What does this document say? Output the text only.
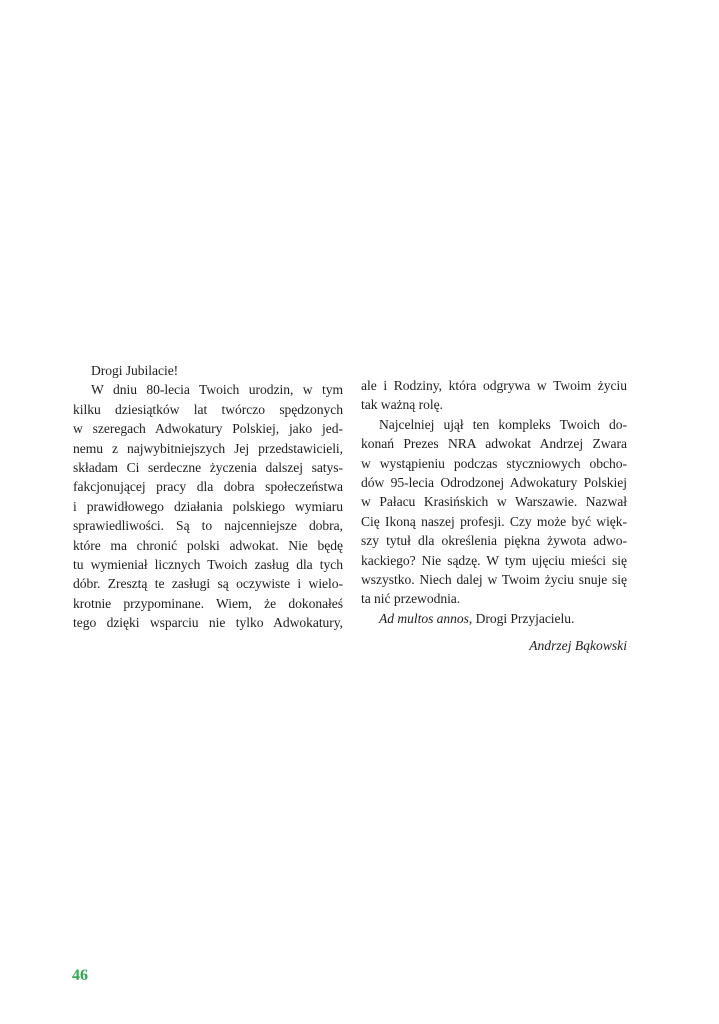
Drogi Jubilacie!
W dniu 80-lecia Twoich urodzin, w tym
kilku dziesiątków lat twórczo spędzonych
w szeregach Adwokatury Polskiej, jako jed-
nemu z najwybitniejszych Jej przedstawicieli,
składam Ci serdeczne życzenia dalszej satys-
fakcjonującej pracy dla dobra społeczeństwa
i prawidłowego działania polskiego wymiaru
sprawiedliwości. Są to najcenniejsze dobra,
które ma chronić polski adwokat. Nie będę
tu wymieniał licznych Twoich zasług dla tych
dóbr. Zresztą te zasługi są oczywiste i wielo-
krotnie przypominane. Wiem, że dokonałeś
tego dzięki wsparciu nie tylko Adwokatury,
ale i Rodziny, która odgrywa w Twoim życiu
tak ważną rolę.
Najcelniej ujął ten kompleks Twoich do-
konań Prezes NRA adwokat Andrzej Zwara
w wystąpieniu podczas styczniowych obcho-
dów 95-lecia Odrodzonej Adwokatury Polskiej
w Pałacu Krasińskich w Warszawie. Nazwał
Cię Ikoną naszej profesji. Czy może być więk-
szy tytuł dla określenia piękna żywota adwo-
kackiego? Nie sądzę. W tym ujęciu mieści się
wszystko. Niech dalej w Twoim życiu snuje się
ta nić przewodnia.
Ad multos annos, Drogi Przyjacielu.
Andrzej Bąkowski
46
